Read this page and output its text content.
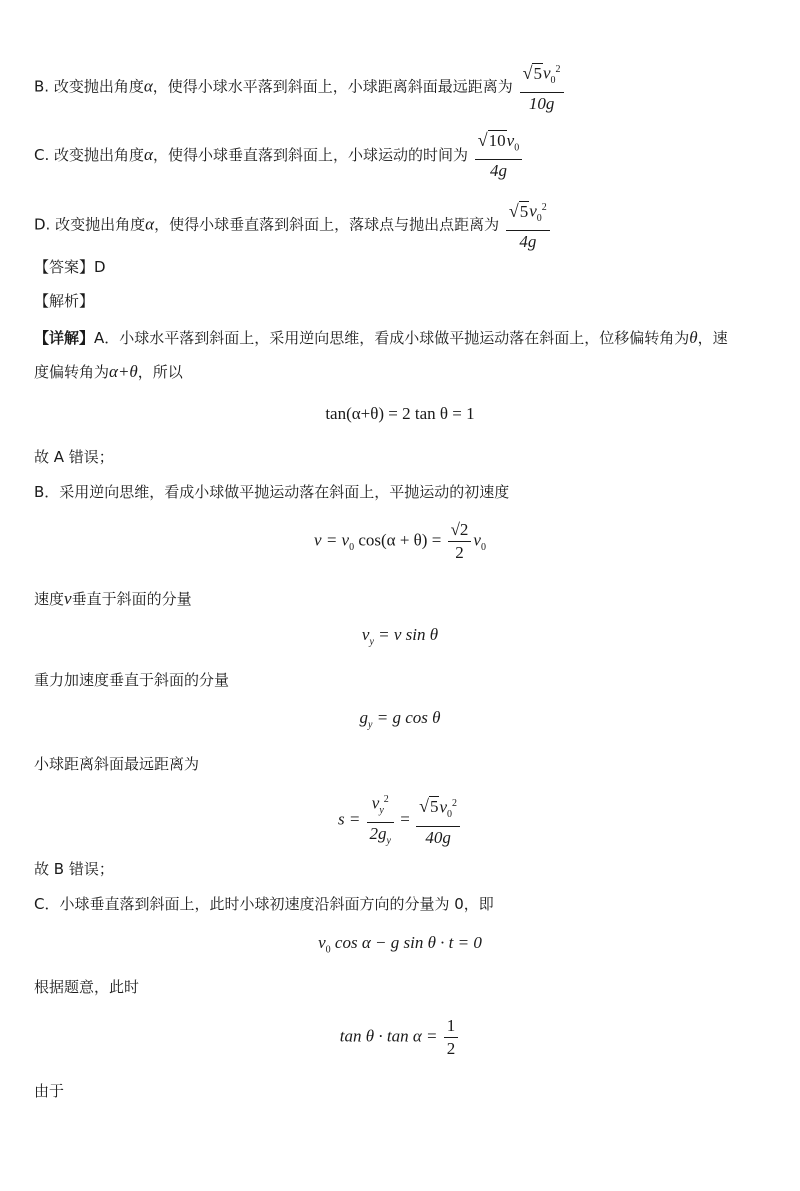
B. 改变抛出角度α，使得小球水平落到斜面上，小球距离斜面最远距离为 $\frac{√5v_0^2}{10g}$
C. 改变抛出角度α，使得小球垂直落到斜面上，小球运动的时间为 $\frac{√10v_0}{4g}$
D. 改变抛出角度α，使得小球垂直落到斜面上，落球点与抛出点距离为 $\frac{√5v_0^2}{4g}$
【答案】D
【解析】
【详解】A．小球水平落到斜面上，采用逆向思维，看成小球做平抛运动落在斜面上，位移偏转角为θ，速
度偏转角为α+θ，所以
tan(α+θ) = 2 tan θ = 1
故 A 错误；
B．采用逆向思维，看成小球做平抛运动落在斜面上，平抛运动的初速度
$v = v_0$ $\cos(\alpha + \theta) = \frac{√2}{2} v_0$
速度v垂直于斜面的分量
$v_y = v$ sin θ
重力加速度垂直于斜面的分量
$g_y = g$ cos θ
小球距离斜面最远距离为
$s = \frac{v_y^2}{2g_y} = \frac{√5v_0^2}{40g}$
故 B 错误；
C．小球垂直落到斜面上，此时小球初速度沿斜面方向的分量为 0，即
$v_0$ cos α − g sin θ · t = 0
根据题意，此时
$\tan \theta \cdot \tan \alpha = \frac{1}{2}$
由于
